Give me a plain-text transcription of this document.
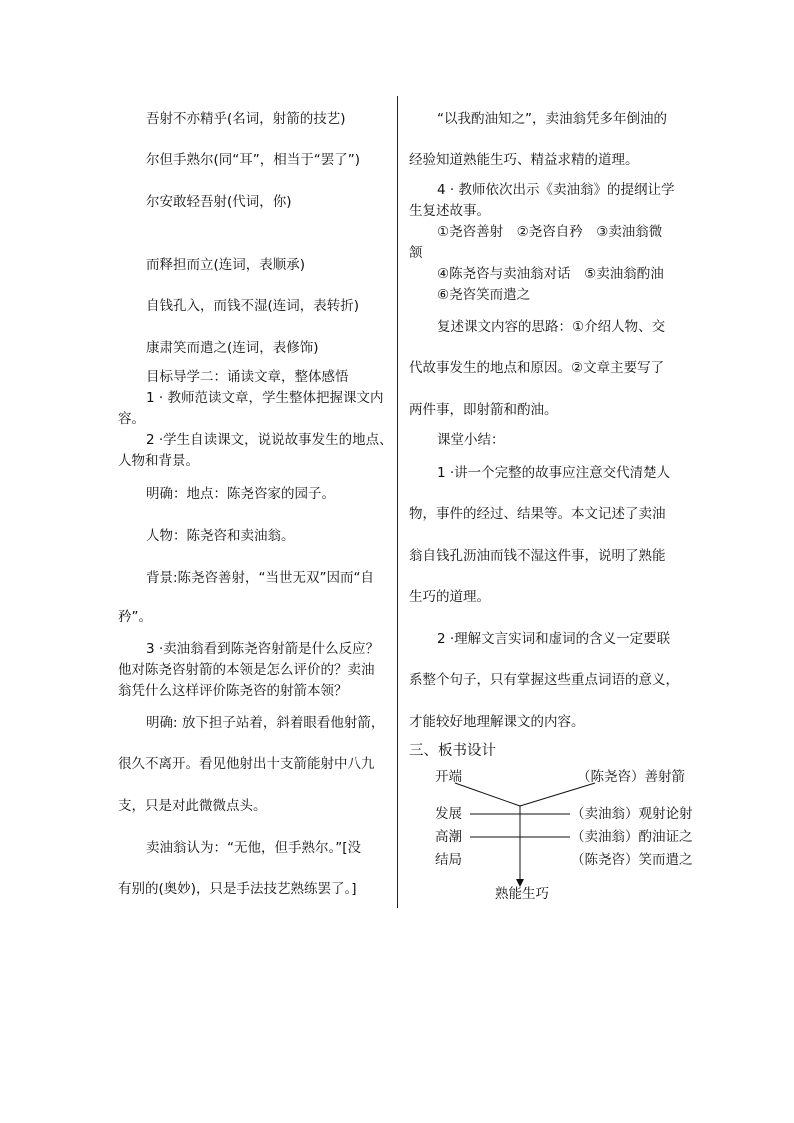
吾射不亦精乎(名词，射箭的技艺)
尔但手熟尔(同“耳”，相当于“罢了”)
尔安敢轻吾射(代词，你)
而释担而立(连词，表顺承)
自钱孔入，而钱不湿(连词，表转折)
康肃笑而遣之(连词，表修饰)
目标导学二：诵读文章，整体感悟
1 · 教师范读文章，学生整体把握课文内
容。
2 ·学生自读课文，说说故事发生的地点、
人物和背景。
明确：地点：陈尧咨家的园子。
人物：陈尧咨和卖油翁。
背景:陈尧咨善射，“当世无双”因而“自
矜”。
3 ·卖油翁看到陈尧咨射箭是什么反应？
他对陈尧咨射箭的本领是怎么评价的？卖油
翁凭什么这样评价陈尧咨的射箭本领？
明确: 放下担子站着，斜着眼看他射箭，
很久不离开。看见他射出十支箭能射中八九
支，只是对此微微点头。
卖油翁认为：“无他，但手熟尔。”[没
有别的(奥妙)，只是手法技艺熟练罢了。]
“以我酌油知之”，卖油翁凭多年倒油的
经验知道熟能生巧、精益求精的道理。
4 · 教师依次出示《卖油翁》的提纲让学
生复述故事。
①尧咨善射　②尧咨自矜　③卖油翁微
颔
④陈尧咨与卖油翁对话　⑤卖油翁酌油
⑥尧咨笑而遣之
复述课文内容的思路：①介绍人物、交
代故事发生的地点和原因。②文章主要写了
两件事，即射箭和酌油。
课堂小结：
1 ·讲一个完整的故事应注意交代清楚人
物，事件的经过、结果等。本文记述了卖油
翁自钱孔沥油而钱不湿这件事，说明了熟能
生巧的道理。
2 ·理解文言实词和虚词的含义一定要联
系整个句子，只有掌握这些重点词语的意义，
才能较好地理解课文的内容。
三、板书设计
开端	（陈尧咨）善射箭
发展	（卖油翁）观射论射
高潮	（卖油翁）酌油证之
结局	（陈尧咨）笑而遣之
熟能生巧
